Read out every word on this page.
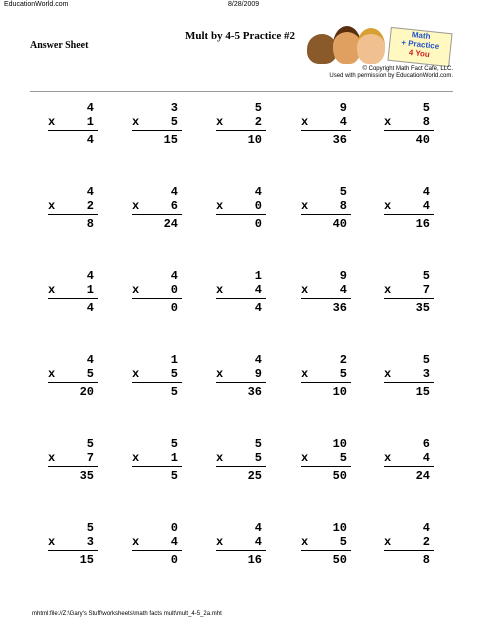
EducationWorld.com	8/28/2009
Mult by 4-5 Practice #2
Answer Sheet
Math
+ Practice
4 You
© Copyright Math Fact Cafe, LLC.
Used with permission by EducationWorld.com.
4
x	1
4
3
x	5
15
5
x	2
10
9
x	4
36
5
x	8
40
4
x	2
8
4
x	6
24
4
x	0
0
5
x	8
40
4
x	4
16
4
x	1
4
4
x	0
0
1
x	4
4
9
x	4
36
5
x	7
35
4
x	5
20
1
x	5
5
4
x	9
36
2
x	5
10
5
x	3
15
5
x	7
35
5
x	1
5
5
x	5
25
10
x	5
50
6
x	4
24
5
x	3
15
0
x	4
0
4
x	4
16
10
x	5
50
4
x	2
8
mhtml:file://Z:\Gary's Stuff\worksheets\math facts mult\mult_4-5_2a.mht
